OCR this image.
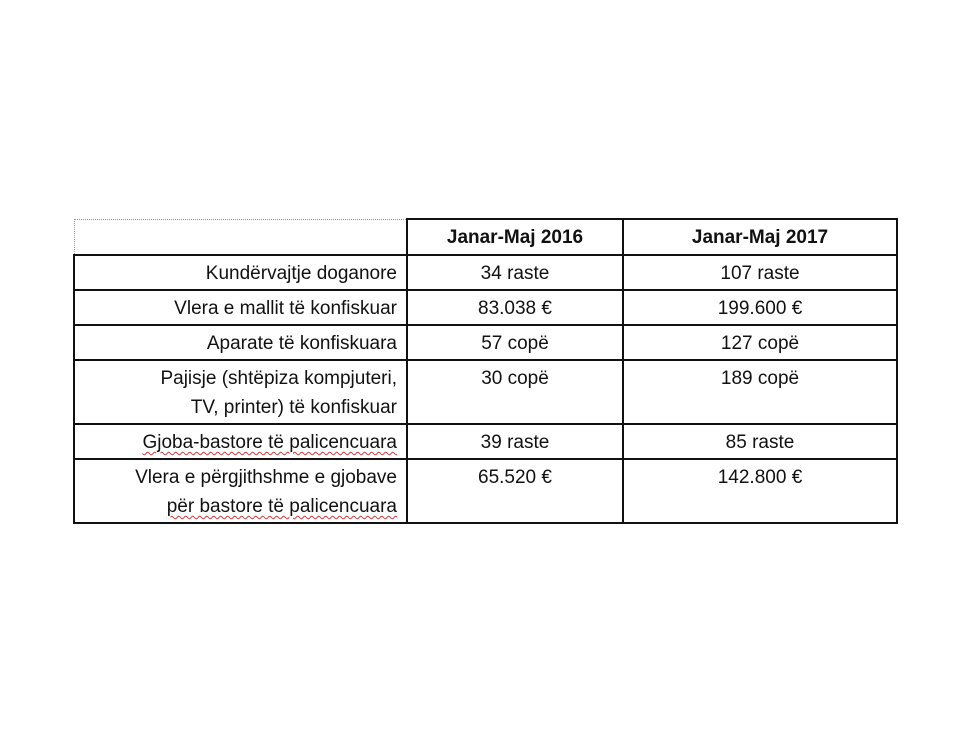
	Janar-Maj 2016	Janar-Maj 2017
Kundërvajtje doganore	34 raste	107 raste
Vlera e mallit të konfiskuar	83.038 €	199.600 €
Aparate të konfiskuara	57 copë	127 copë
Pajisje (shtëpiza kompjuteri,
TV, printer) të konfiskuar	30 copë	189 copë
Gjoba-bastore të palicencuara	39 raste	85 raste
Vlera e përgjithshme e gjobave
për bastore të palicencuara	65.520 €	142.800 €
